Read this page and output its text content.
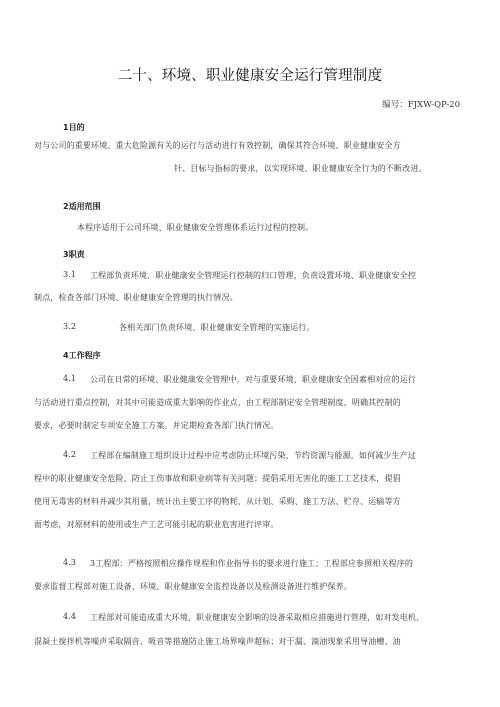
二十、环境、职业健康安全运行管理制度
编号：FJXW-QP-20
1目的
对与公司的重要环境、重大危险源有关的运行与活动进行有效控制，确保其符合环境、职业健康安全方
针、目标与指标的要求，以实现环境、职业健康安全行为的不断改进。
2适用范围
本程序适用于公司环境、职业健康安全管理体系运行过程的控制。
3职责
3.1 工程部负责环境、职业健康安全管理运行控制的归口管理，负责设置环境、职业健康安全控
制点，检查各部门环境、职业健康安全管理的执行情况。
3.2	各相关部门负责环境、职业健康安全管理的实施运行。
4工作程序
4.1 公司在日常的环境、职业健康安全管理中，对与重要环境、职业健康安全因素相对应的运行
与活动进行重点控制，对其中可能造成重大影响的作业点，由工程部制定安全管理制度，明确其控制的
要求，必要时制定专项安全施工方案。并定期检查各部门执行情况。
4.2 工程部在编制施工组织设计过程中应考虑防止环境污染、节约资源与能源，如何减少生产过
程中的职业健康安全危险、防止工伤事故和职业病等有关问题；提倡采用无害化的施工工艺技术，提倡
使用无毒害的材料并减少其用量，统计出主要工序的物耗，从计划、采购、施工方法、贮存、运输等方
面考虑，对原材料的使用或生产工艺可能引起的职业危害进行评审。
4.3 3工程部：严格按照相应操作规程和作业指导书的要求进行施工；工程部应参照相关程序的
要求监督工程部对施工设备、环境、职业健康安全监控设备以及检测设备进行维护保养。
4.4 工程部对可能造成重大环境、职业健康安全影响的设备采取相应措施进行管理，如对发电机、
混凝土搅拌机等噪声采取隔音、吸音等措施防止施工场界噪声超标；对于漏、滴油现象采用导油槽、油
